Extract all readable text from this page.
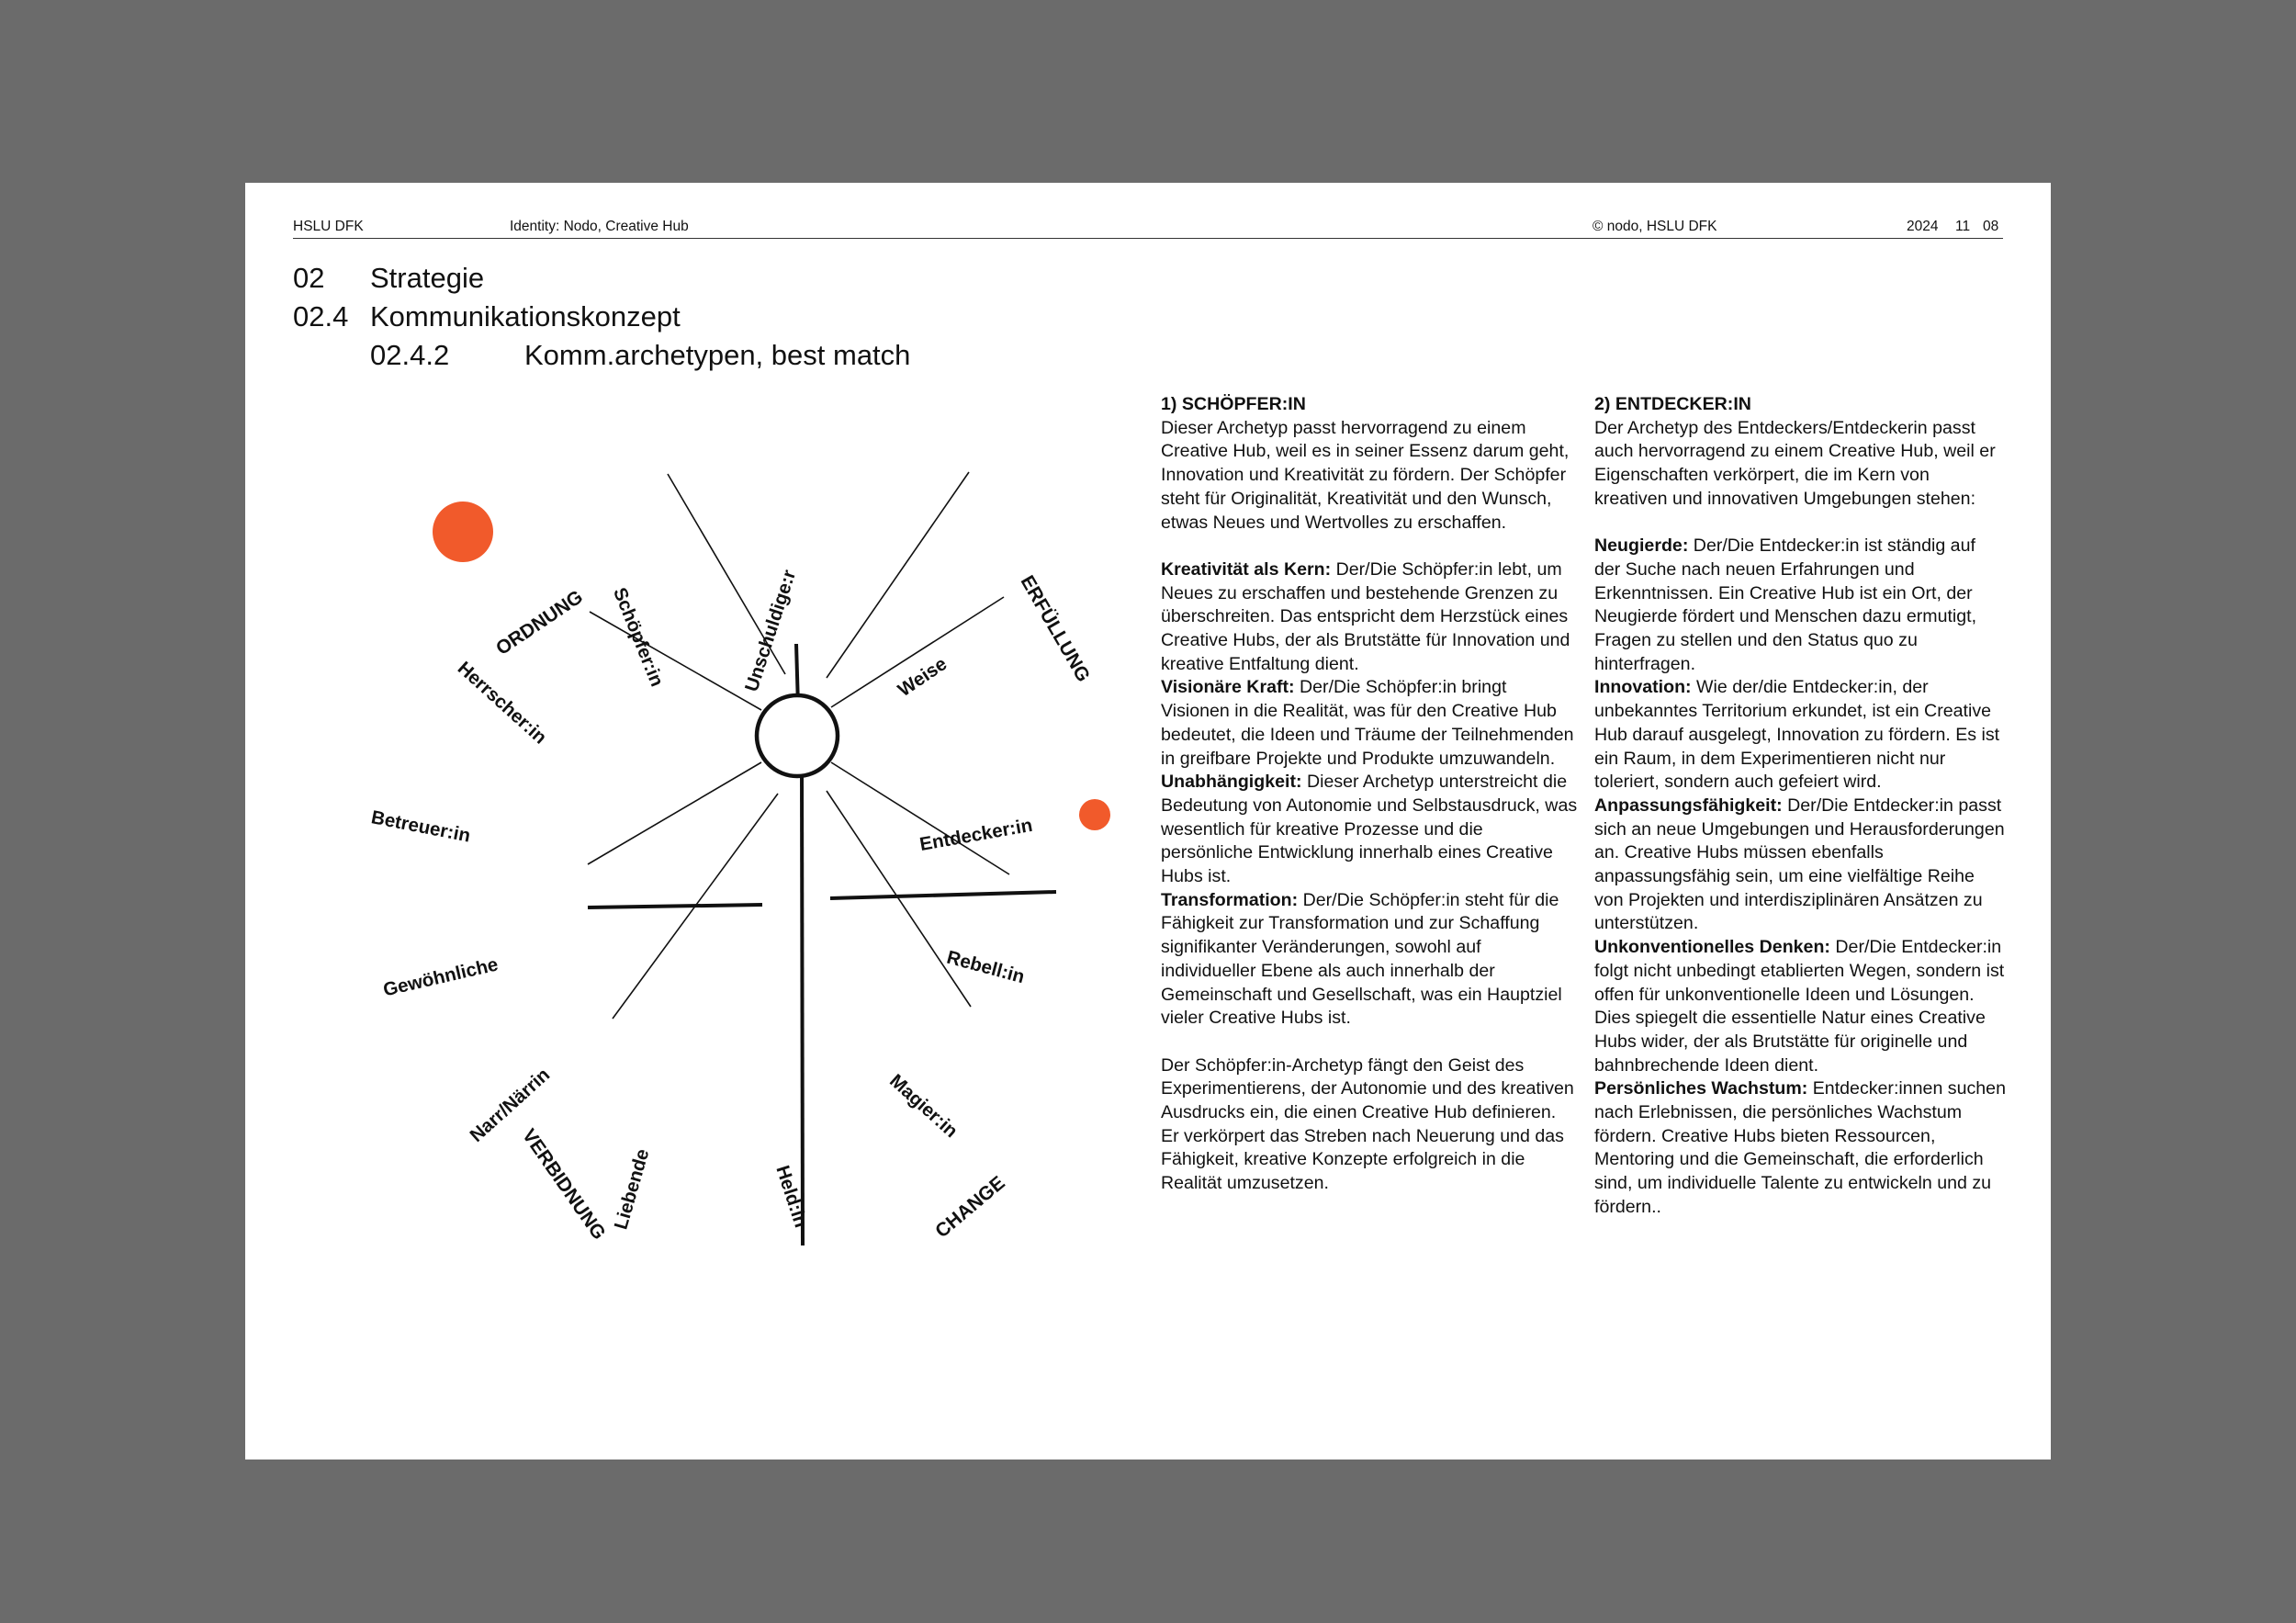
HSLU DFK	Identity: Nodo, Creative Hub	© nodo, HSLU DFK	2024 11 08
02 Strategie
02.4 Kommunikationskonzept
02.4.2	Komm.archetypen, best match
ORDNUNG	ERFÜLLUNG
VERBIDNUNG	CHANGE
Schöpfer:in	Unschuldige:r	Weise
Entdecker:in
Rebell:in
Magier:in
Held:in
Liebende
Narr/Närrin
Gewöhnliche
Betreuer:in
Herrscher:in

1) SCHÖPFER:IN

Dieser Archetyp passt hervorragend zu einem Creative Hub, weil es in seiner Essenz darum geht, Innovation und Kreativität zu fördern. Der Schöpfer steht für Originalität, Kreativität und den Wunsch, etwas Neues und Wertvolles zu erschaffen.

Kreativität als Kern: Der/Die Schöpfer:in lebt, um Neues zu erschaffen und bestehende Grenzen zu überschreiten. Das entspricht dem Herzstück eines Creative Hubs, der als Brutstätte für Innovation und kreative Entfaltung dient.

Visionäre Kraft: Der/Die Schöpfer:in bringt Visionen in die Realität, was für den Creative Hub bedeutet, die Ideen und Träume der Teilnehmenden in greifbare Projekte und Produkte umzuwandeln.

Unabhängigkeit: Dieser Archetyp unterstreicht die Bedeutung von Autonomie und Selbstausdruck, was wesentlich für kreative Prozesse und die persönliche Entwicklung innerhalb eines Creative Hubs ist.

Transformation: Der/Die Schöpfer:in steht für die Fähigkeit zur Transformation und zur Schaffung signifikanter Veränderungen, sowohl auf individueller Ebene als auch innerhalb der Gemeinschaft und Gesellschaft, was ein Hauptziel vieler Creative Hubs ist.

Der Schöpfer:in-Archetyp fängt den Geist des Experimentierens, der Autonomie und des kreativen Ausdrucks ein, die einen Creative Hub definieren. Er verkörpert das Streben nach Neuerung und das Fähigkeit, kreative Konzepte erfolgreich in die Realität umzusetzen.

2) ENTDECKER:IN

Der Archetyp des Entdeckers/Entdeckerin passt auch hervorragend zu einem Creative Hub, weil er Eigenschaften verkörpert, die im Kern von kreativen und innovativen Umgebungen stehen:

Neugierde: Der/Die Entdecker:in ist ständig auf der Suche nach neuen Erfahrungen und Erkenntnissen. Ein Creative Hub ist ein Ort, der Neugierde fördert und Menschen dazu ermutigt, Fragen zu stellen und den Status quo zu hinterfragen.

Innovation: Wie der/die Entdecker:in, der unbekanntes Territorium erkundet, ist ein Creative Hub darauf ausgelegt, Innovation zu fördern. Es ist ein Raum, in dem Experimentieren nicht nur toleriert, sondern auch gefeiert wird.

Anpassungsfähigkeit: Der/Die Entdecker:in passt sich an neue Umgebungen und Herausforderungen an. Creative Hubs müssen ebenfalls anpassungsfähig sein, um eine vielfältige Reihe von Projekten und interdisziplinären Ansätzen zu unterstützen.

Unkonventionelles Denken: Der/Die Entdecker:in folgt nicht unbedingt etablierten Wegen, sondern ist offen für unkonventionelle Ideen und Lösungen. Dies spiegelt die essentielle Natur eines Creative Hubs wider, der als Brutstätte für originelle und bahnbrechende Ideen dient.

Persönliches Wachstum: Entdecker:innen suchen nach Erlebnissen, die persönliches Wachstum fördern. Creative Hubs bieten Ressourcen, Mentoring und die Gemeinschaft, die erforderlich sind, um individuelle Talente zu entwickeln und zu fördern..
